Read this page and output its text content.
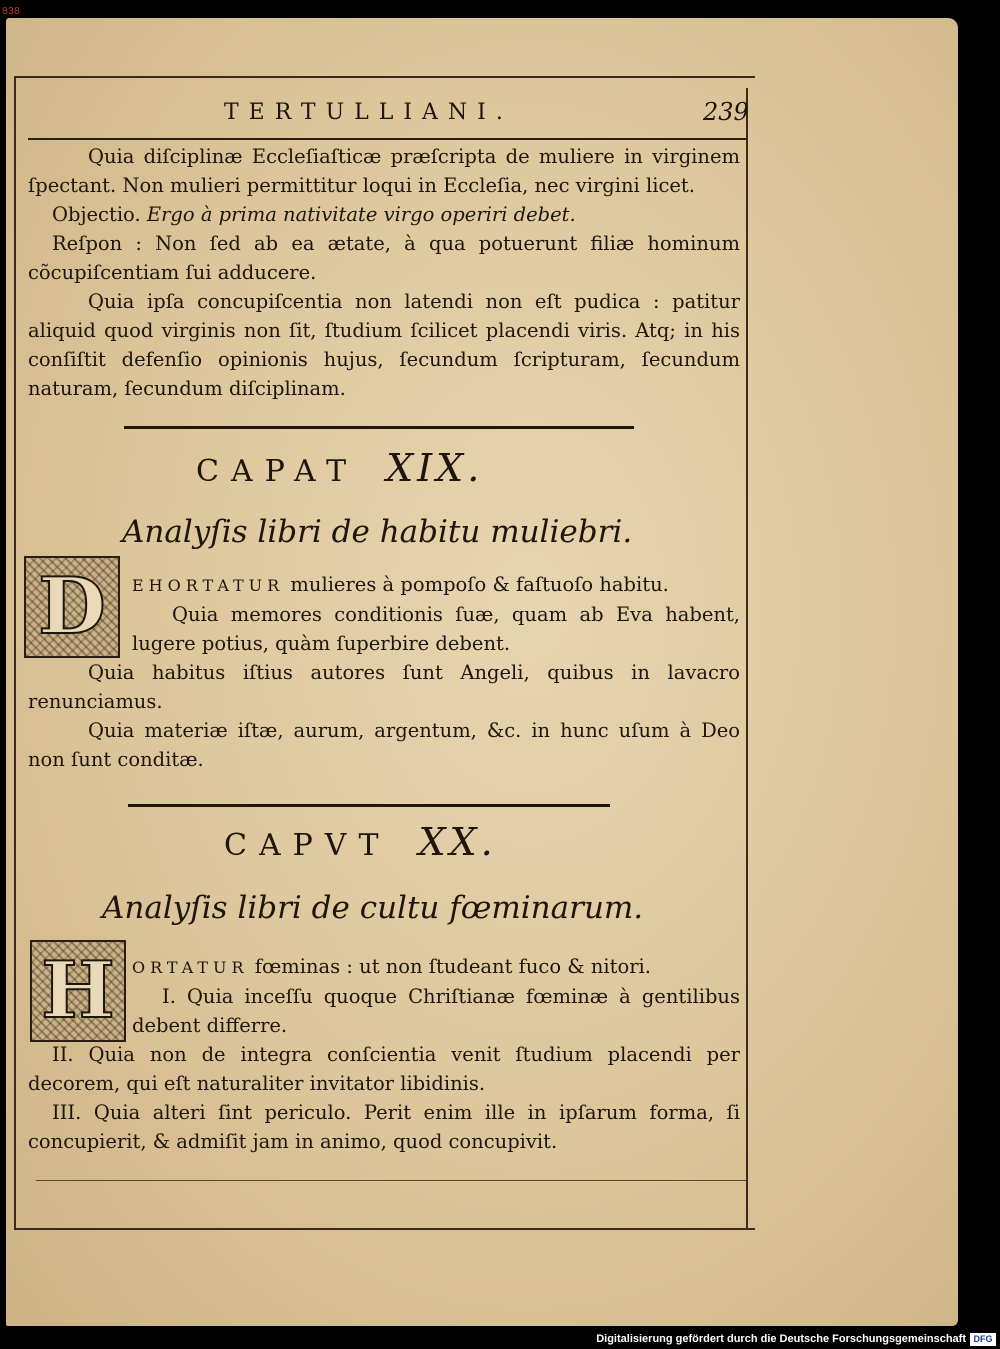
838
TERTULLIANI.	239

Quia diſciplinæ Eccleſiaſticæ præſcripta de muliere in virginem ſpectant. Non mulieri permittitur loqui in Eccleſia, nec virgini licet.

Objectio. Ergo à prima nativitate virgo operiri debet.

Reſpon : Non ſed ab ea ætate, à qua potuerunt filiæ hominum cõcupiſcentiam ſui adducere.

Quia ipſa concupiſcentia non latendi non eſt pudica : patitur aliquid quod virginis non ſit, ſtudium ſcilicet placendi viris. Atq; in his conſiſtit defenſio opinionis hujus, ſecundum ſcripturam, ſecundum naturam, ſecundum diſciplinam.

CAPAT XIX.
Analyſis libri de habitu muliebri.
D	EHORTATUR mulieres à pompoſo & faſtuoſo habitu.

Quia memores conditionis ſuæ, quam ab Eva habent, lugere potius, quàm ſuperbire debent.

Quia habitus iſtius autores ſunt Angeli, quibus in lavacro renunciamus.

Quia materiæ iſtæ, aurum, argentum, &c. in hunc uſum à Deo non ſunt conditæ.

CAPVT XX.
Analyſis libri de cultu fœminarum.
H	ORTATUR fœminas : ut non ſtudeant fuco & nitori.

I. Quia inceſſu quoque Chriſtianæ fœminæ à gentilibus debent differre.

II. Quia non de integra conſcientia venit ſtudium placendi per decorem, qui eſt naturaliter invitator libidinis.

III. Quia alteri ſint periculo. Perit enim ille in ipſarum forma, ſi concupierit, & admiſit jam in animo, quod concupivit.

Digitalisierung gefördert durch die Deutsche Forschungsgemeinschaft DFG
